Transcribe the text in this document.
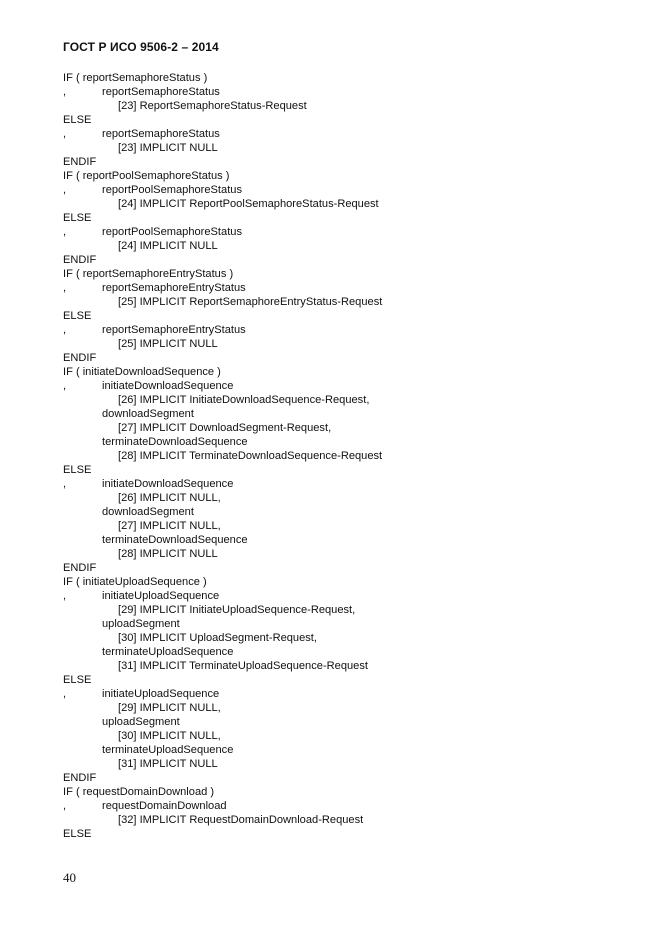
ГОСТ Р ИСО 9506-2 – 2014
IF ( reportSemaphoreStatus )
,	reportSemaphoreStatus
[23] ReportSemaphoreStatus-Request
ELSE
,	reportSemaphoreStatus
[23] IMPLICIT NULL
ENDIF
IF ( reportPoolSemaphoreStatus )
,	reportPoolSemaphoreStatus
[24] IMPLICIT ReportPoolSemaphoreStatus-Request
ELSE
,	reportPoolSemaphoreStatus
[24] IMPLICIT NULL
ENDIF
IF ( reportSemaphoreEntryStatus )
,	reportSemaphoreEntryStatus
[25] IMPLICIT ReportSemaphoreEntryStatus-Request
ELSE
,	reportSemaphoreEntryStatus
[25] IMPLICIT NULL
ENDIF
IF ( initiateDownloadSequence )
,	initiateDownloadSequence
[26] IMPLICIT InitiateDownloadSequence-Request,
downloadSegment
[27] IMPLICIT DownloadSegment-Request,
terminateDownloadSequence
[28] IMPLICIT TerminateDownloadSequence-Request
ELSE
,	initiateDownloadSequence
[26] IMPLICIT NULL,
downloadSegment
[27] IMPLICIT NULL,
terminateDownloadSequence
[28] IMPLICIT NULL
ENDIF
IF ( initiateUploadSequence )
,	initiateUploadSequence
[29] IMPLICIT InitiateUploadSequence-Request,
uploadSegment
[30] IMPLICIT UploadSegment-Request,
terminateUploadSequence
[31] IMPLICIT TerminateUploadSequence-Request
ELSE
,	initiateUploadSequence
[29] IMPLICIT NULL,
uploadSegment
[30] IMPLICIT NULL,
terminateUploadSequence
[31] IMPLICIT NULL
ENDIF
IF ( requestDomainDownload )
,	requestDomainDownload
[32] IMPLICIT RequestDomainDownload-Request
ELSE
40
